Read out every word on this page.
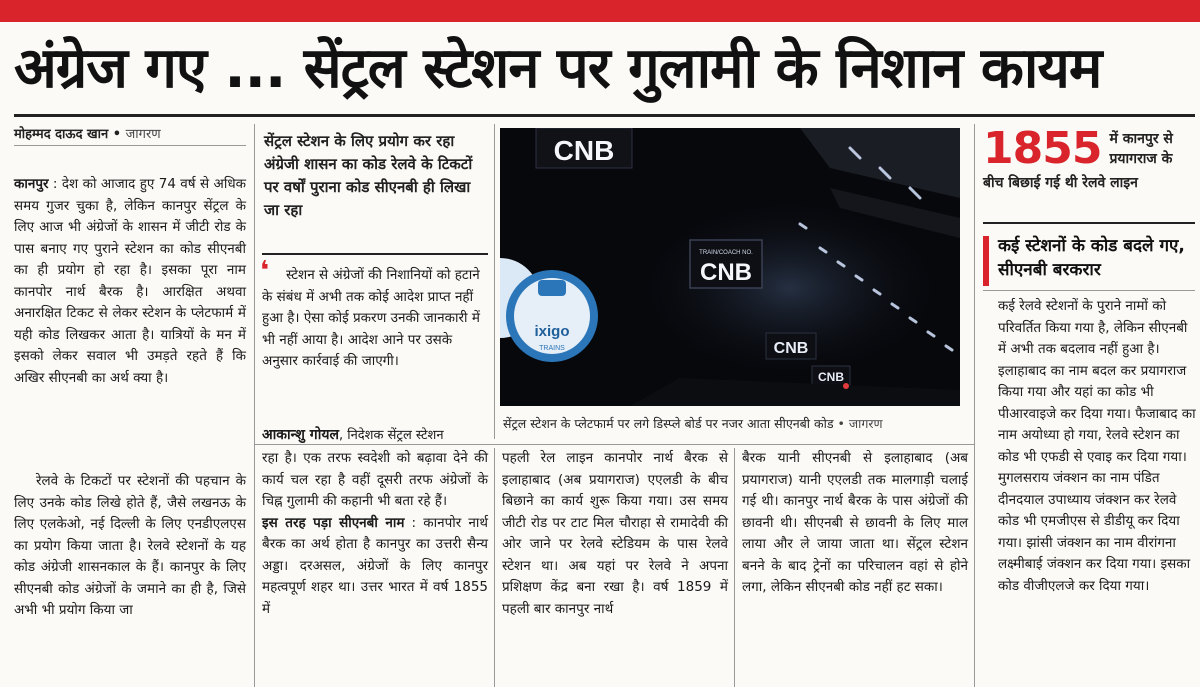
अंग्रेज गए ... सेंट्रल स्टेशन पर गुलामी के निशान कायम
मोहम्मद दाऊद खान • जागरण

कानपुर : देश को आजाद हुए 74 वर्ष से अधिक समय गुजर चुका है, लेकिन कानपुर सेंट्रल के लिए आज भी अंग्रेजों के शासन में जीटी रोड के पास बनाए गए पुराने स्टेशन का कोड सीएनबी का ही प्रयोग हो रहा है। इसका पूरा नाम कानपोर नार्थ बैरक है। आरक्षित अथवा अनारक्षित टिकट से लेकर स्टेशन के प्लेटफार्म में यही कोड लिखकर आता है। यात्रियों के मन में इसको लेकर सवाल भी उमड़ते रहते हैं कि अखिर सीएनबी का अर्थ क्या है।

सेंट्रल स्टेशन के लिए प्रयोग कर रहा अंग्रेजी शासन का कोड रेलवे के टिकटों पर वर्षों पुराना कोड सीएनबी ही लिखा जा रहा
❛	स्टेशन से अंग्रेजों की निशानियों को हटाने के संबंध में अभी तक कोई आदेश प्राप्त नहीं हुआ है। ऐसा कोई प्रकरण उनकी जानकारी में भी नहीं आया है। आदेश आने पर उसके अनुसार कार्रवाई की जाएगी।

आकान्शु गोयल, निदेशक सेंट्रल स्टेशन
CNB
TRAIN/COACH NO.
CNB
CNB
CNB
ixigo
TRAINS
सेंट्रल स्टेशन के प्लेटफार्म पर लगे डिस्प्ले बोर्ड पर नजर आता सीएनबी कोड • जागरण
1855 में कानपुर से प्रयागराज के
बीच बिछाई गई थी रेलवे लाइन
कई स्टेशनों के कोड बदले गए, सीएनबी बरकरार
कई रेलवे स्टेशनों के पुराने नामों को परिवर्तित किया गया है, लेकिन सीएनबी में अभी तक बदलाव नहीं हुआ है। इलाहाबाद का नाम बदल कर प्रयागराज किया गया और यहां का कोड भी पीआरवाइजे कर दिया गया। फैजाबाद का नाम अयोध्या हो गया, रेलवे स्टेशन का कोड भी एफडी से एवाइ कर दिया गया। मुगलसराय जंक्शन का नाम पंडित दीनदयाल उपाध्याय जंक्शन कर रेलवे कोड भी एमजीएस से डीडीयू कर दिया गया। झांसी जंक्शन का नाम वीरांगना लक्ष्मीबाई जंक्शन कर दिया गया। इसका कोड वीजीएलजे कर दिया गया।
रेलवे के टिकटों पर स्टेशनों की पहचान के लिए उनके कोड लिखे होते हैं, जैसे लखनऊ के लिए एलकेओ, नई दिल्ली के लिए एनडीएलएस का प्रयोग किया जाता है। रेलवे स्टेशनों के यह कोड अंग्रेजी शासनकाल के हैं। कानपुर के लिए सीएनबी कोड अंग्रेजों के जमाने का ही है, जिसे अभी भी प्रयोग किया जा

रहा है। एक तरफ स्वदेशी को बढ़ावा देने की कार्य चल रहा है वहीं दूसरी तरफ अंग्रेजों के चिह्न गुलामी की कहानी भी बता रहे हैं।
इस तरह पड़ा सीएनबी नाम : कानपोर नार्थ बैरक का अर्थ होता है कानपुर का उत्तरी सैन्य अड्डा। दरअसल, अंग्रेजों के लिए कानपुर महत्वपूर्ण शहर था। उत्तर भारत में वर्ष 1855 में

पहली रेल लाइन कानपोर नार्थ बैरक से इलाहाबाद (अब प्रयागराज) एएलडी के बीच बिछाने का कार्य शुरू किया गया। उस समय जीटी रोड पर टाट मिल चौराहा से रामादेवी की ओर जाने पर रेलवे स्टेडियम के पास रेलवे स्टेशन था। अब यहां पर रेलवे ने अपना प्रशिक्षण केंद्र बना रखा है। वर्ष 1859 में पहली बार कानपुर नार्थ
बैरक यानी सीएनबी से इलाहाबाद (अब प्रयागराज) यानी एएलडी तक मालगाड़ी चलाई गई थी। कानपुर नार्थ बैरक के पास अंग्रेजों की छावनी थी। सीएनबी से छावनी के लिए माल लाया और ले जाया जाता था। सेंट्रल स्टेशन बनने के बाद ट्रेनों का परिचालन वहां से होने लगा, लेकिन सीएनबी कोड नहीं हट सका।
